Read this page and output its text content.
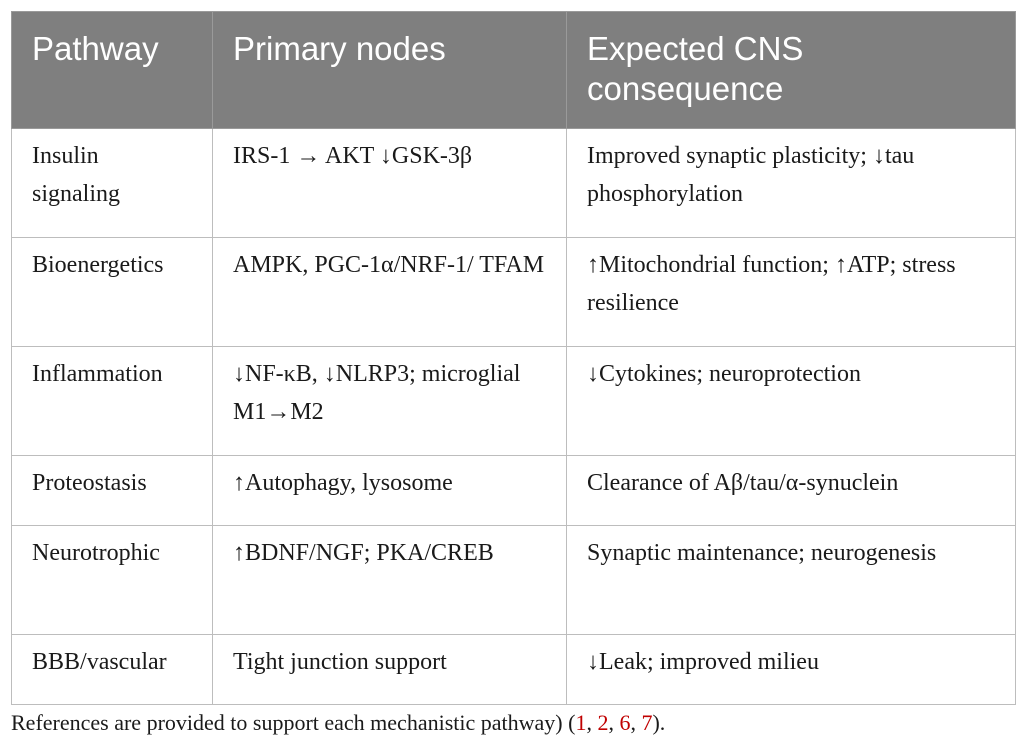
Pathway	Primary nodes	Expected CNS consequence
Insulin signaling	IRS-1 → AKT ↓GSK-3β	Improved synaptic plasticity; ↓tau phosphorylation
Bioenergetics	AMPK, PGC-1α/NRF-1/ TFAM	↑Mitochondrial function; ↑ATP; stress resilience
Inflammation	↓NF-κB, ↓NLRP3; microglial M1→M2	↓Cytokines; neuroprotection
Proteostasis	↑Autophagy, lysosome	Clearance of Aβ/tau/α-synuclein
Neurotrophic	↑BDNF/NGF; PKA/CREB	Synaptic maintenance; neurogenesis
BBB/vascular	Tight junction support	↓Leak; improved milieu
References are provided to support each mechanistic pathway) (1, 2, 6, 7).
